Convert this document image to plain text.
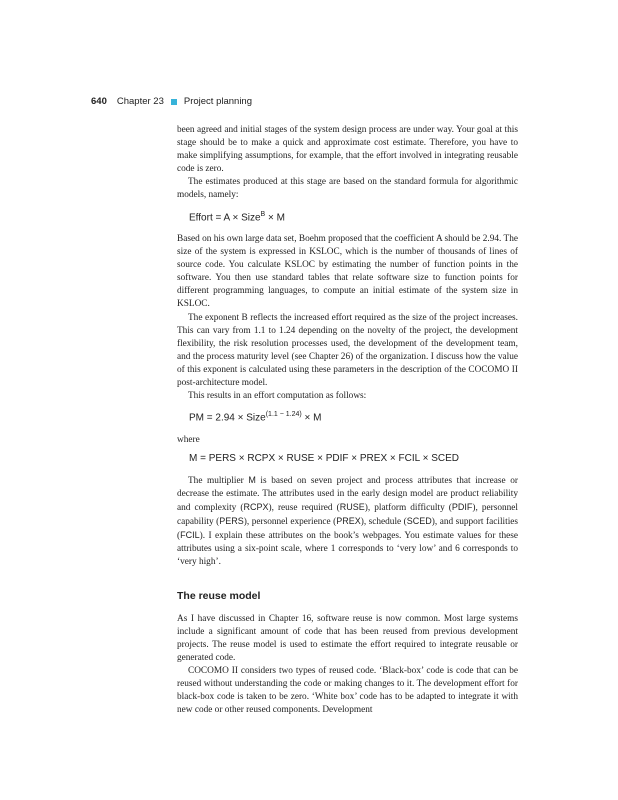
640 Chapter 23 Project planning

been agreed and initial stages of the system design process are under way. Your goal at this stage should be to make a quick and approximate cost estimate. Therefore, you have to make simplifying assumptions, for example, that the effort involved in integrating reusable code is zero.

The estimates produced at this stage are based on the standard formula for algorithmic models, namely:

Effort = A × Size$^B$ × M

Based on his own large data set, Boehm proposed that the coefficient A should be 2.94. The size of the system is expressed in KSLOC, which is the number of thousands of lines of source code. You calculate KSLOC by estimating the number of function points in the software. You then use standard tables that relate software size to function points for different programming languages, to compute an initial estimate of the system size in KSLOC.

The exponent B reflects the increased effort required as the size of the project increases. This can vary from 1.1 to 1.24 depending on the novelty of the project, the development flexibility, the risk resolution processes used, the development of the development team, and the process maturity level (see Chapter 26) of the organization. I discuss how the value of this exponent is calculated using these parameters in the description of the COCOMO II post-architecture model.

This results in an effort computation as follows:

PM = 2.94 × Size$^{(1.1 - 1.24)}$ × M

where

M = PERS × RCPX × RUSE × PDIF × PREX × FCIL × SCED

The multiplier M is based on seven project and process attributes that increase or decrease the estimate. The attributes used in the early design model are product reliability and complexity (RCPX), reuse required (RUSE), platform difficulty (PDIF), personnel capability (PERS), personnel experience (PREX), schedule (SCED), and support facilities (FCIL). I explain these attributes on the book’s webpages. You estimate values for these attributes using a six-point scale, where 1 corresponds to ‘very low’ and 6 corresponds to ‘very high’.

The reuse model

As I have discussed in Chapter 16, software reuse is now common. Most large systems include a significant amount of code that has been reused from previous development projects. The reuse model is used to estimate the effort required to integrate reusable or generated code.

COCOMO II considers two types of reused code. ‘Black-box’ code is code that can be reused without understanding the code or making changes to it. The development effort for black-box code is taken to be zero. ‘White box’ code has to be adapted to integrate it with new code or other reused components. Development
